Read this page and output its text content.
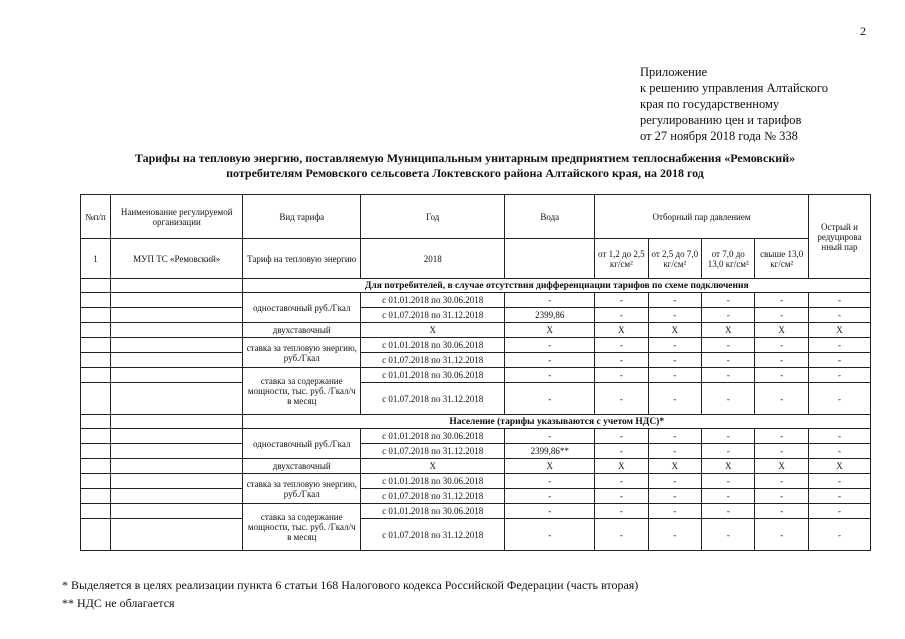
2
Приложение
к решению управления Алтайского
края по государственному
регулированию цен и тарифов
от 27 ноября 2018 года № 338
Тарифы на тепловую энергию, поставляемую Муниципальным унитарным предприятием теплоснабжения «Ремовский»
потребителям Ремовского сельсовета Локтевского района Алтайского края, на 2018 год
№п/п	Наименование регулируемой организации	Вид тарифа	Год	Вода	Отборный пар давлением				Острый и редуцирова нный пар
1	МУП ТС «Ремовский»	Тариф на тепловую энергию	2018		от 1,2 до 2,5 кг/см²	от 2,5 до 7,0 кг/см²	от 7,0 до 13,0 кг/см²	свыше 13,0 кг/см²	
		Для потребителей, в случае отсутствия дифференциации тарифов по схеме подключения							
		одноставочный руб./Гкал	с 01.01.2018 по 30.06.2018	-	-	-	-	-	-
			с 01.07.2018 по 31.12.2018	2399,86	-	-	-	-	-
		двухставочный	X	X	X	X	X	X	X
		ставка за тепловую энергию, руб./Гкал	с 01.01.2018 по 30.06.2018	-	-	-	-	-	-
			с 01.07.2018 по 31.12.2018	-	-	-	-	-	-
		ставка за содержание мощности, тыс. руб. /Гкал/ч в месяц	с 01.01.2018 по 30.06.2018	-	-	-	-	-	-
			с 01.07.2018 по 31.12.2018	-	-	-	-	-	-
		Население (тарифы указываются с учетом НДС)*							
		одноставочный руб./Гкал	с 01.01.2018 по 30.06.2018	-	-	-	-	-	-
			с 01.07.2018 по 31.12.2018	2399,86**	-	-	-	-	-
		двухставочный	X	X	X	X	X	X	X
		ставка за тепловую энергию, руб./Гкал	с 01.01.2018 по 30.06.2018	-	-	-	-	-	-
			с 01.07.2018 по 31.12.2018	-	-	-	-	-	-
		ставка за содержание мощности, тыс. руб. /Гкал/ч в месяц	с 01.01.2018 по 30.06.2018	-	-	-	-	-	-
			с 01.07.2018 по 31.12.2018	-	-	-	-	-	-
* Выделяется в целях реализации пункта 6 статьи 168 Налогового кодекса Российской Федерации (часть вторая)
** НДС не облагается
